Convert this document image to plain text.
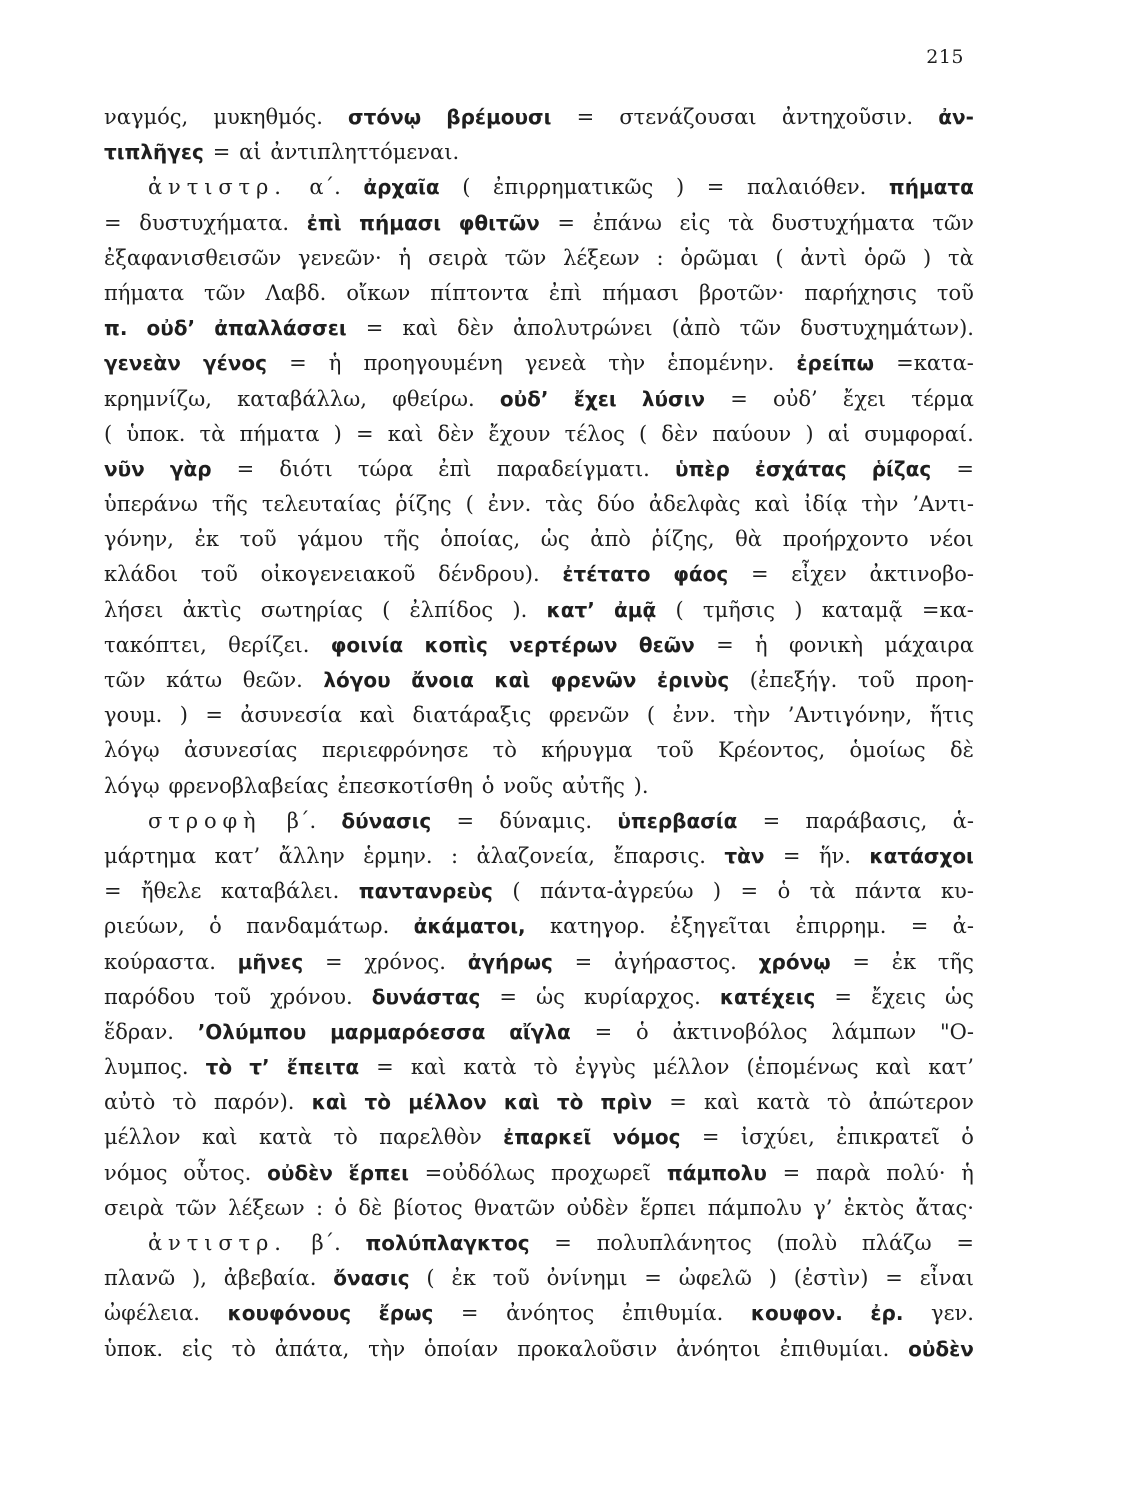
215
ναγμός, μυκηθμός. στόνῳ βρέμουσι = στενάζουσαι ἀντηχοῦσιν. ἀν-
τιπλῆγες = αἱ ἀντιπληττόμεναι.
ἀντιστρ. α΄. ἀρχαῖα ( ἐπιρρηματικῶς ) = παλαιόθεν. πήματα
= δυστυχήματα. ἐπὶ πήμασι φθιτῶν = ἐπάνω εἰς τὰ δυστυχήματα τῶν
ἐξαφανισθεισῶν γενεῶν· ἡ σειρὰ τῶν λέξεων : ὁρῶμαι ( ἀντὶ ὁρῶ ) τὰ
πήματα τῶν Λαβδ. οἴκων πίπτοντα ἐπὶ πήμασι βροτῶν· παρήχησις τοῦ
π. οὐδ’ ἀπαλλάσσει = καὶ δὲν ἀπολυτρώνει (ἀπὸ τῶν δυστυχημάτων).
γενεὰν γένος = ἡ προηγουμένη γενεὰ τὴν ἑπομένην. ἐρείπω =κατα-
κρημνίζω, καταβάλλω, φθείρω. οὐδ’ ἔχει λύσιν = οὐδ’ ἔχει τέρμα
( ὑποκ. τὰ πήματα ) = καὶ δὲν ἔχουν τέλος ( δὲν παύουν ) αἱ συμφοραί.
νῦν γὰρ = διότι τώρα ἐπὶ παραδείγματι. ὑπὲρ ἐσχάτας ῥίζας =
ὑπεράνω τῆς τελευταίας ῥίζης ( ἐνν. τὰς δύο ἀδελφὰς καὶ ἰδίᾳ τὴν ’Αντι-
γόνην, ἐκ τοῦ γάμου τῆς ὁποίας, ὡς ἀπὸ ῥίζης, θὰ προήρχοντο νέοι
κλάδοι τοῦ οἰκογενειακοῦ δένδρου). ἐτέτατο φάος = εἶχεν ἀκτινοβο-
λήσει ἀκτὶς σωτηρίας ( ἐλπίδος ). κατ’ ἀμᾷ ( τμῆσις ) καταμᾷ =κα-
τακόπτει, θερίζει. φοινία κοπὶς νερτέρων θεῶν = ἡ φονικὴ μάχαιρα
τῶν κάτω θεῶν. λόγου ἄνοια καὶ φρενῶν ἐρινὺς (ἐπεξήγ. τοῦ προη-
γουμ. ) = ἀσυνεσία καὶ διατάραξις φρενῶν ( ἐνν. τὴν ’Αντιγόνην, ἥτις
λόγῳ ἀσυνεσίας περιεφρόνησε τὸ κήρυγμα τοῦ Κρέοντος, ὁμοίως δὲ
λόγῳ φρενοβλαβείας ἐπεσκοτίσθη ὁ νοῦς αὐτῆς ).
στροφὴ β΄. δύνασις = δύναμις. ὑπερβασία = παράβασις, ἁ-
μάρτημα κατ’ ἄλλην ἑρμην. : ἀλαζονεία, ἔπαρσις. τὰν = ἥν. κατάσχοι
= ἤθελε καταβάλει. παντανρεὺς ( πάντα-ἀγρεύω ) = ὁ τὰ πάντα κυ-
ριεύων, ὁ πανδαμάτωρ. ἀκάματοι, κατηγορ. ἐξηγεῖται ἐπιρρημ. = ἀ-
κούραστα. μῆνες = χρόνος. ἀγήρως = ἀγήραστος. χρόνῳ = ἐκ τῆς
παρόδου τοῦ χρόνου. δυνάστας = ὡς κυρίαρχος. κατέχεις = ἔχεις ὡς
ἕδραν. ’Ολύμπου μαρμαρόεσσα αἴγλα = ὁ ἀκτινοβόλος λάμπων "Ο-
λυμπος. τὸ τ’ ἔπειτα = καὶ κατὰ τὸ ἐγγὺς μέλλον (ἑπομένως καὶ κατ’
αὐτὸ τὸ παρόν). καὶ τὸ μέλλον καὶ τὸ πρὶν = καὶ κατὰ τὸ ἀπώτερον
μέλλον καὶ κατὰ τὸ παρελθὸν ἐπαρκεῖ νόμος = ἰσχύει, ἐπικρατεῖ ὁ
νόμος οὗτος. οὐδὲν ἕρπει =οὐδόλως προχωρεῖ πάμπολυ = παρὰ πολύ· ἡ
σειρὰ τῶν λέξεων : ὁ δὲ βίοτος θνατῶν οὐδὲν ἕρπει πάμπολυ γ’ ἐκτὸς ἄτας·
ἀντιστρ. β΄. πολύπλαγκτος = πολυπλάνητος (πολὺ πλάζω =
πλανῶ ), ἀβεβαία. ὄνασις ( ἐκ τοῦ ὀνίνημι = ὠφελῶ ) (ἐστὶν) = εἶναι
ὠφέλεια. κουφόνους ἔρως = ἀνόητος ἐπιθυμία. κουφον. ἐρ. γεν.
ὑποκ. εἰς τὸ ἀπάτα, τὴν ὁποίαν προκαλοῦσιν ἀνόητοι ἐπιθυμίαι. οὐδὲν
